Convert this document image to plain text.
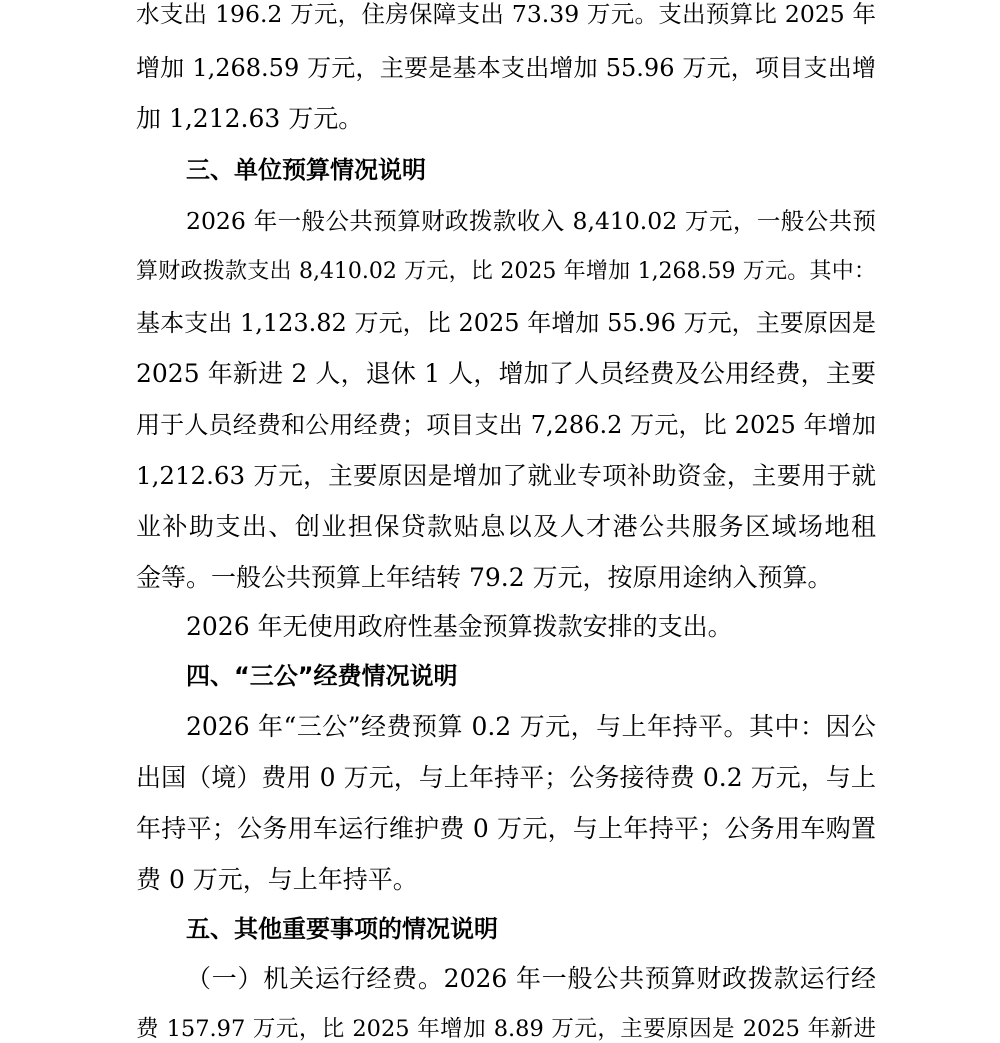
水支出 196.2 万元，住房保障支出 73.39 万元。支出预算比 2025 年

增加 1,268.59 万元，主要是基本支出增加 55.96 万元，项目支出增

加 1,212.63 万元。

三、单位预算情况说明

2026 年一般公共预算财政拨款收入 8,410.02 万元，一般公共预

算财政拨款支出 8,410.02 万元，比 2025 年增加 1,268.59 万元。其中：

基本支出 1,123.82 万元，比 2025 年增加 55.96 万元，主要原因是

2025 年新进 2 人，退休 1 人，增加了人员经费及公用经费，主要

用于人员经费和公用经费；项目支出 7,286.2 万元，比 2025 年增加

1,212.63 万元，主要原因是增加了就业专项补助资金，主要用于就

业补助支出、创业担保贷款贴息以及人才港公共服务区域场地租

金等。一般公共预算上年结转 79.2 万元，按原用途纳入预算。

2026 年无使用政府性基金预算拨款安排的支出。

四、“三公”经费情况说明

2026 年“三公”经费预算 0.2 万元，与上年持平。其中：因公

出国（境）费用 0 万元，与上年持平；公务接待费 0.2 万元，与上

年持平；公务用车运行维护费 0 万元，与上年持平；公务用车购置

费 0 万元，与上年持平。

五、其他重要事项的情况说明

（一）机关运行经费。2026 年一般公共预算财政拨款运行经

费 157.97 万元，比 2025 年增加 8.89 万元，主要原因是 2025 年新进
